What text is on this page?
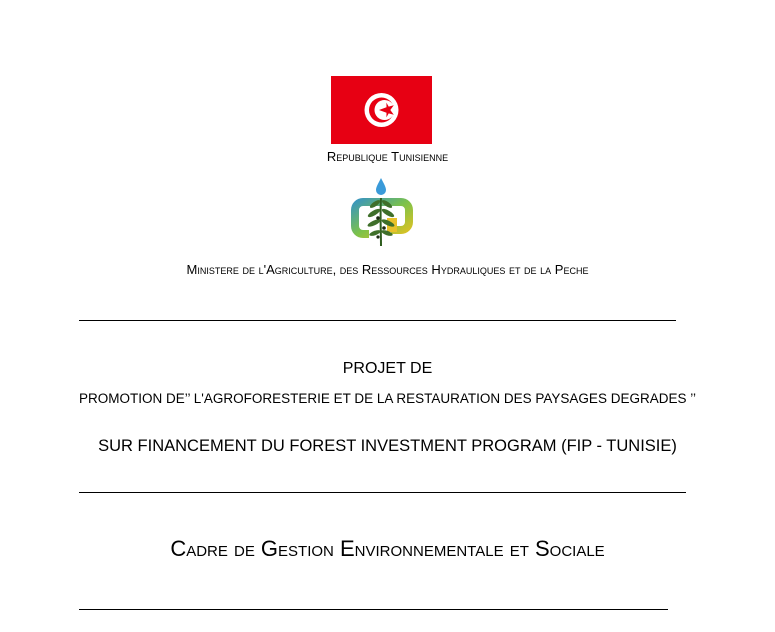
Republique Tunisienne
Ministere de l'Agriculture, des Ressources Hydrauliques et de la Peche
PROJET DE
PROMOTION DE’’ L'AGROFORESTERIE ET DE LA RESTAURATION DES PAYSAGES DEGRADES ’’
SUR FINANCEMENT DU FOREST INVESTMENT PROGRAM (FIP - TUNISIE)
Cadre de Gestion Environnementale et Sociale
